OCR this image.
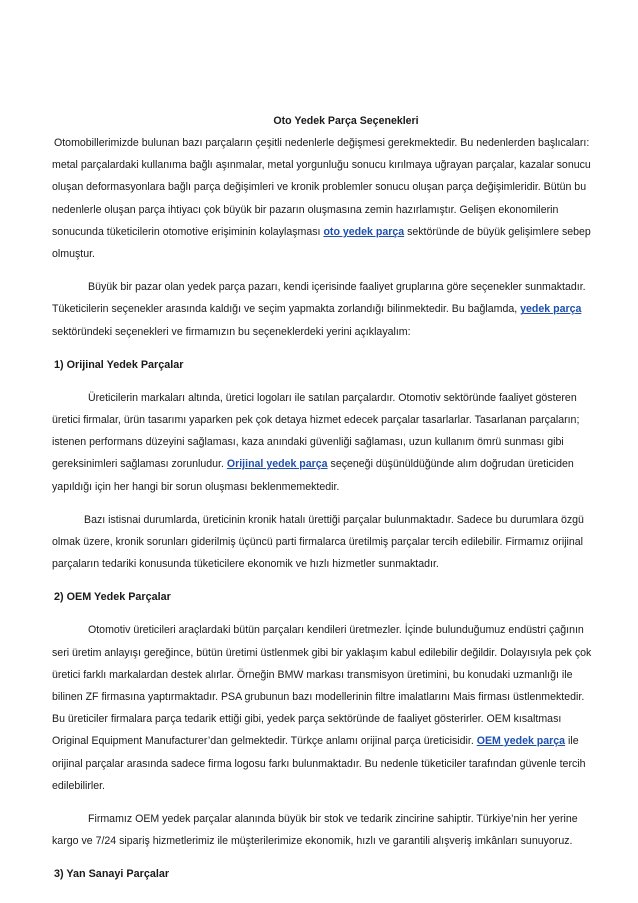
Oto Yedek Parça Seçenekleri

Otomobillerimizde bulunan bazı parçaların çeşitli nedenlerle değişmesi gerekmektedir. Bu nedenlerden başlıcaları: metal parçalardaki kullanıma bağlı aşınmalar, metal yorgunluğu sonucu kırılmaya uğrayan parçalar, kazalar sonucu oluşan deformasyonlara bağlı parça değişimleri ve kronik problemler sonucu oluşan parça değişimleridir. Bütün bu nedenlerle oluşan parça ihtiyacı çok büyük bir pazarın oluşmasına zemin hazırlamıştır. Gelişen ekonomilerin sonucunda tüketicilerin otomotive erişiminin kolaylaşması oto yedek parça sektöründe de büyük gelişimlere sebep olmuştur.

Büyük bir pazar olan yedek parça pazarı, kendi içerisinde faaliyet gruplarına göre seçenekler sunmaktadır. Tüketicilerin seçenekler arasında kaldığı ve seçim yapmakta zorlandığı bilinmektedir. Bu bağlamda, yedek parça sektöründeki seçenekleri ve firmamızın bu seçeneklerdeki yerini açıklayalım:

1) Orijinal Yedek Parçalar

Üreticilerin markaları altında, üretici logoları ile satılan parçalardır. Otomotiv sektöründe faaliyet gösteren üretici firmalar, ürün tasarımı yaparken pek çok detaya hizmet edecek parçalar tasarlarlar. Tasarlanan parçaların; istenen performans düzeyini sağlaması, kaza anındaki güvenliği sağlaması, uzun kullanım ömrü sunması gibi gereksinimleri sağlaması zorunludur. Orijinal yedek parça seçeneği düşünüldüğünde alım doğrudan üreticiden yapıldığı için her hangi bir sorun oluşması beklenmemektedir.

Bazı istisnai durumlarda, üreticinin kronik hatalı ürettiği parçalar bulunmaktadır. Sadece bu durumlara özgü olmak üzere, kronik sorunları giderilmiş üçüncü parti firmalarca üretilmiş parçalar tercih edilebilir. Firmamız orijinal parçaların tedariki konusunda tüketicilere ekonomik ve hızlı hizmetler sunmaktadır.

2) OEM Yedek Parçalar

Otomotiv üreticileri araçlardaki bütün parçaları kendileri üretmezler. İçinde bulunduğumuz endüstri çağının seri üretim anlayışı gereğince, bütün üretimi üstlenmek gibi bir yaklaşım kabul edilebilir değildir. Dolayısıyla pek çok üretici farklı markalardan destek alırlar. Örneğin BMW markası transmisyon üretimini, bu konudaki uzmanlığı ile bilinen ZF firmasına yaptırmaktadır. PSA grubunun bazı modellerinin filtre imalatlarını Mais firması üstlenmektedir. Bu üreticiler firmalara parça tedarik ettiği gibi, yedek parça sektöründe de faaliyet gösterirler. OEM kısaltması Original Equipment Manufacturer’dan gelmektedir. Türkçe anlamı orijinal parça üreticisidir. OEM yedek parça ile orijinal parçalar arasında sadece firma logosu farkı bulunmaktadır. Bu nedenle tüketiciler tarafından güvenle tercih edilebilirler.

Firmamız OEM yedek parçalar alanında büyük bir stok ve tedarik zincirine sahiptir. Türkiye’nin her yerine kargo ve 7/24 sipariş hizmetlerimiz ile müşterilerimize ekonomik, hızlı ve garantili alışveriş imkânları sunuyoruz.

3) Yan Sanayi Parçalar
